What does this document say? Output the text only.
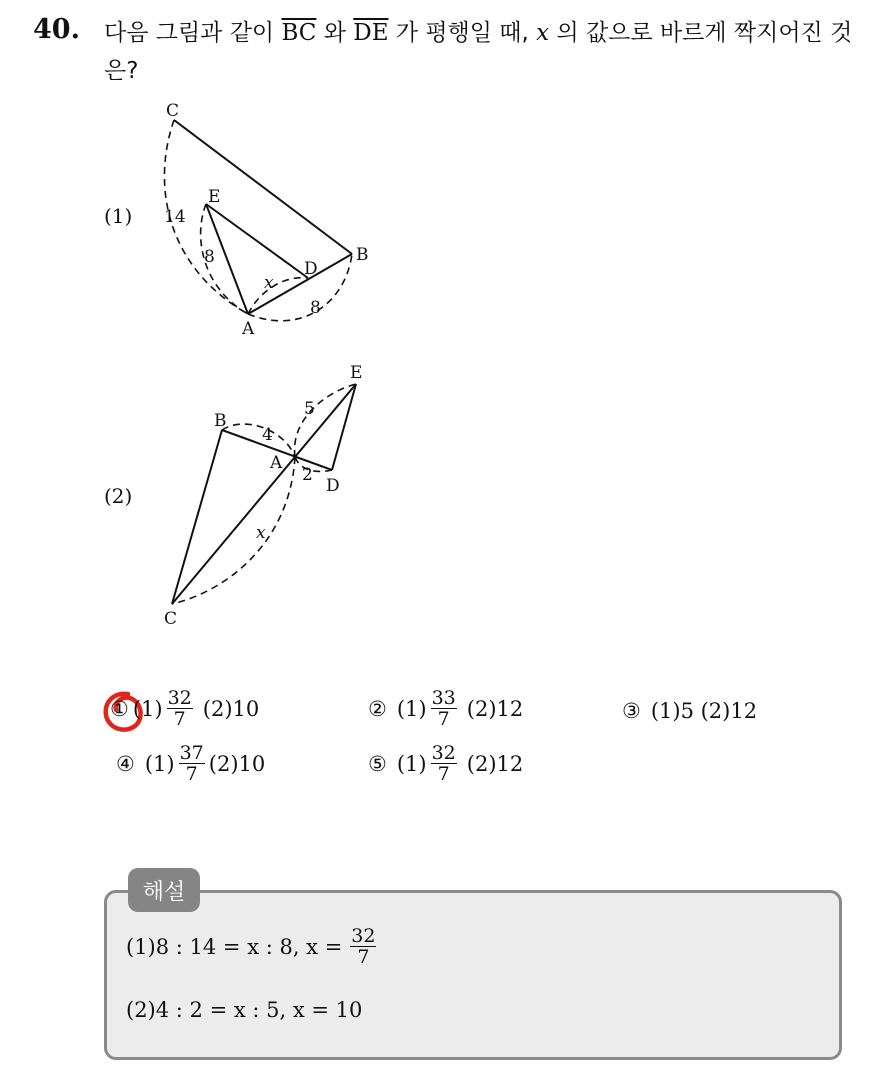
40. 다음 그림과 같이 $\overline{BC}$ 와 $\overline{DE}$ 가 평행일 때, x 의 값으로 바르게 짝지어진 것은?
(1)
(2)
C
E
D
B
A
14
8
x
8
B
E
A
D
C
4
5
2
x
① $(1) \frac{32}{7} (2)10$	② $(1) \frac{33}{7} (2)12$	③ (1)5 (2)12
④ $(1) \frac{37}{7} (2)10$	⑤ $(1) \frac{32}{7} (2)12$
해설
(1)8 : 14 = x : 8, $x = \frac{32}{7}$
(2)4 : 2 = x : 5, x = 10
